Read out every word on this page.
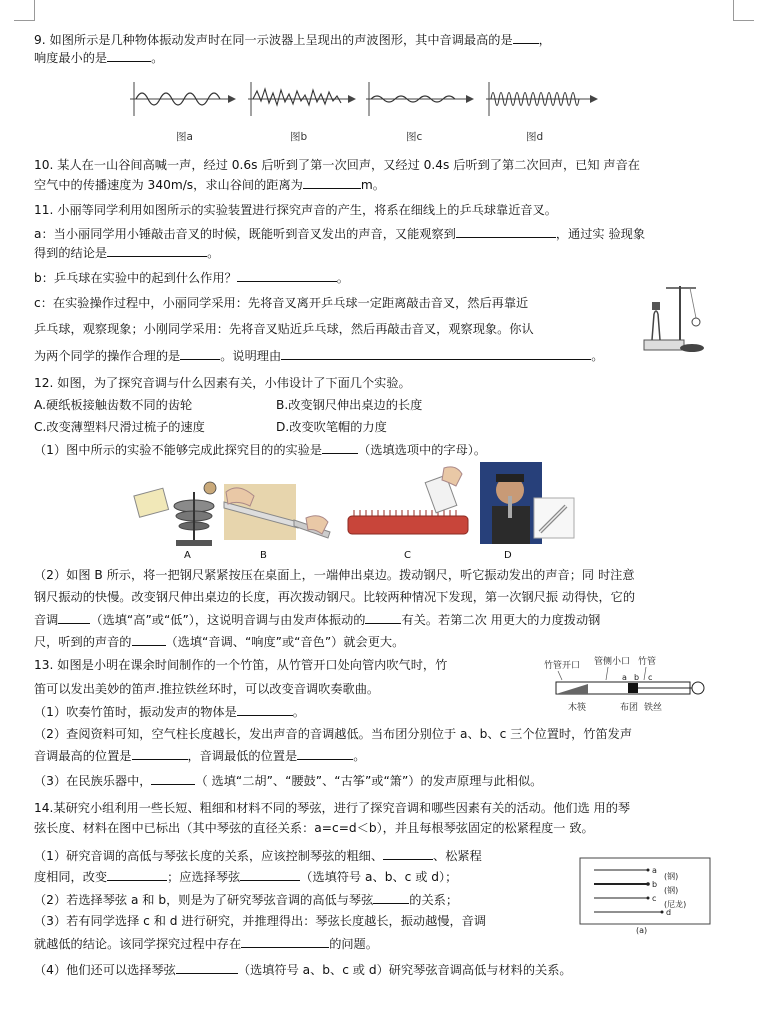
9. 如图所示是几种物体振动发声时在同一示波器上呈现出的声波图形，其中音调最高的是 ，
响度最小的是	。
图a	图b	图c	图d
10. 某人在一山谷间高喊一声，经过 0.6s 后听到了第一次回声，又经过 0.4s 后听到了第二次回声，已知 声音在
空气中的传播速度为 340m/s，求山谷间的距离为	m。
11. 小丽等同学利用如图所示的实验装置进行探究声音的产生，将系在细线上的乒乓球靠近音叉。
a：当小丽同学用小锤敲击音叉的时候，既能听到音叉发出的声音，又能观察到	，通过实 验现象
得到的结论是	。
b：乒乓球在实验中的起到什么作用？	。
c：在实验操作过程中，小丽同学采用：先将音叉离开乒乓球一定距离敲击音叉，然后再靠近
乒乓球，观察现象；小刚同学采用：先将音叉贴近乒乓球，然后再敲击音叉，观察现象。你认
为两个同学的操作合理的是	。说明理由	。
12. 如图，为了探究音调与什么因素有关，小伟设计了下面几个实验。
A.硬纸板接触齿数不同的齿轮	B.改变钢尺伸出桌边的长度
C.改变薄塑料尺滑过梳子的速度	D.改变吹笔帽的力度
（1）图中所示的实验不能够完成此探究目的的实验是	（选填选项中的字母）。
A	B	C	D
（2）如图 B 所示，将一把钢尺紧紧按压在桌面上，一端伸出桌边。拨动钢尺，听它振动发出的声音；同 时注意
钢尺振动的快慢。改变钢尺伸出桌边的长度，再次拨动钢尺。比较两种情况下发现，第一次钢尺振 动得快，它的
音调	（选填“高”或“低”），这说明音调与由发声体振动的	有关。若第二次 用更大的力度拨动钢
尺，听到的声音的	（选填“音调、“响度”或“音色”）就会更大。
13. 如图是小明在课余时间制作的一个竹笛，从竹管开口处向管内吹气时，竹
笛可以发出美妙的笛声.推拉铁丝环时，可以改变音调吹奏歌曲。
竹管开口 管侧小口 竹管
a b c
木筷	布团 铁丝
（1）吹奏竹笛时，振动发声的物体是	。
（2）查阅资料可知，空气柱长度越长，发出声音的音调越低。当布团分别位于 a、b、c 三个位置时，竹笛发声
音调最高的位置是	，音调最低的位置是	。
（3）在民族乐器中，	（ 选填“二胡”、“腰鼓”、“古筝”或“箫”）的发声原理与此相似。
14.某研究小组利用一些长短、粗细和材料不同的琴弦，进行了探究音调和哪些因素有关的活动。他们选 用的琴
弦长度、材料在图中已标出（其中琴弦的直径关系：a=c=d＜b），并且每根琴弦固定的松紧程度一 致。
（1）研究音调的高低与琴弦长度的关系，应该控制琴弦的粗细、	、松紧程
度相同，改变	；应选择琴弦	（选填符号 a、b、c 或 d）；
（2）若选择琴弦 a 和 b，则是为了研究琴弦音调的高低与琴弦	的关系；
（3）若有同学选择 c 和 d 进行研究，并推理得出：琴弦长度越长，振动越慢，音调
就越低的结论。该同学探究过程中存在	的问题。
（4）他们还可以选择琴弦	（选填符号 a、b、c 或 d）研究琴弦音调高低与材料的关系。
a
(钢)
b
(钢)
c
(尼龙)
d
(a)
